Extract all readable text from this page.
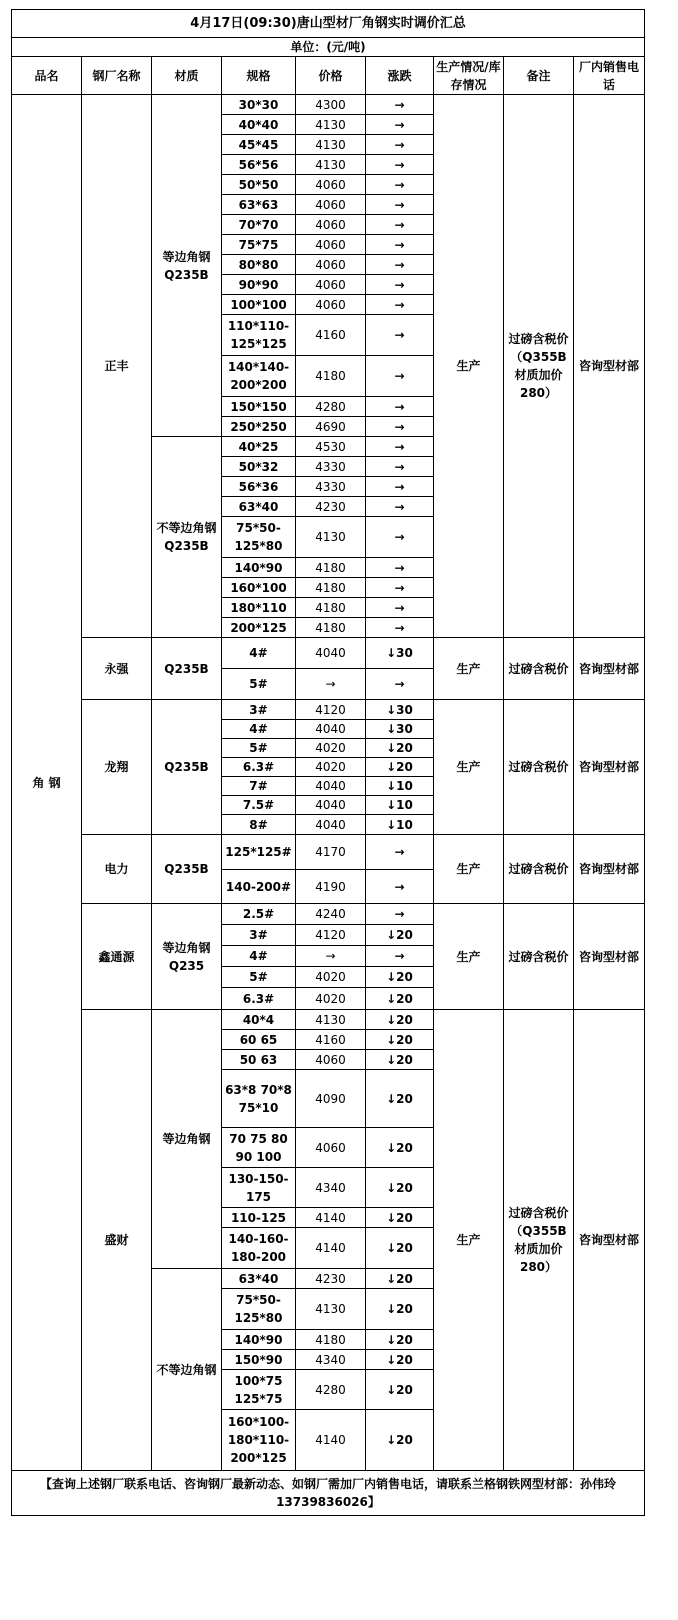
4月17日(09:30)唐山型材厂角钢实时调价汇总								
单位：(元/吨)								
品名	钢厂名称	材质	规格	价格	涨跌	生产情况/库存情况	备注	厂内销售电话
角 钢	正丰	等边角钢Q235B	30*30	4300	→	生产	过磅含税价（Q355B材质加价280）	咨询型材部
			40*40	4130	→			
			45*45	4130	→			
			56*56	4130	→			
			50*50	4060	→			
			63*63	4060	→			
			70*70	4060	→			
			75*75	4060	→			
			80*80	4060	→			
			90*90	4060	→			
			100*100	4060	→			
			110*110-125*125	4160	→			
			140*140-200*200	4180	→			
			150*150	4280	→			
			250*250	4690	→			
		不等边角钢Q235B	40*25	4530	→			
			50*32	4330	→			
			56*36	4330	→			
			63*40	4230	→			
			75*50-125*80	4130	→			
			140*90	4180	→			
			160*100	4180	→			
			180*110	4180	→			
			200*125	4180	→			
	永强	Q235B	4#	4040	↓30	生产	过磅含税价	咨询型材部
			5#	→	→			
	龙翔	Q235B	3#	4120	↓30	生产	过磅含税价	咨询型材部
			4#	4040	↓30			
			5#	4020	↓20			
			6.3#	4020	↓20			
			7#	4040	↓10			
			7.5#	4040	↓10			
			8#	4040	↓10			
	电力	Q235B	125*125#	4170	→	生产	过磅含税价	咨询型材部
			140-200#	4190	→			
	鑫通源	等边角钢Q235	2.5#	4240	→	生产	过磅含税价	咨询型材部
			3#	4120	↓20			
			4#	→	→			
			5#	4020	↓20			
			6.3#	4020	↓20			
	盛财	等边角钢	40*4	4130	↓20	生产	过磅含税价（Q355B材质加价280）	咨询型材部
			60 65	4160	↓20			
			50 63	4060	↓20			
			63*8 70*8 75*10	4090	↓20			
			70 75 80 90 100	4060	↓20			
			130-150-175	4340	↓20			
			110-125	4140	↓20			
			140-160-180-200	4140	↓20			
		不等边角钢	63*40	4230	↓20			
			75*50-125*80	4130	↓20			
			140*90	4180	↓20			
			150*90	4340	↓20			
			100*75 125*75	4280	↓20			
			160*100-180*110-200*125	4140	↓20			
【查询上述钢厂联系电话、咨询钢厂最新动态、如钢厂需加厂内销售电话，请联系兰格钢铁网型材部：孙伟玲13739836026】								
